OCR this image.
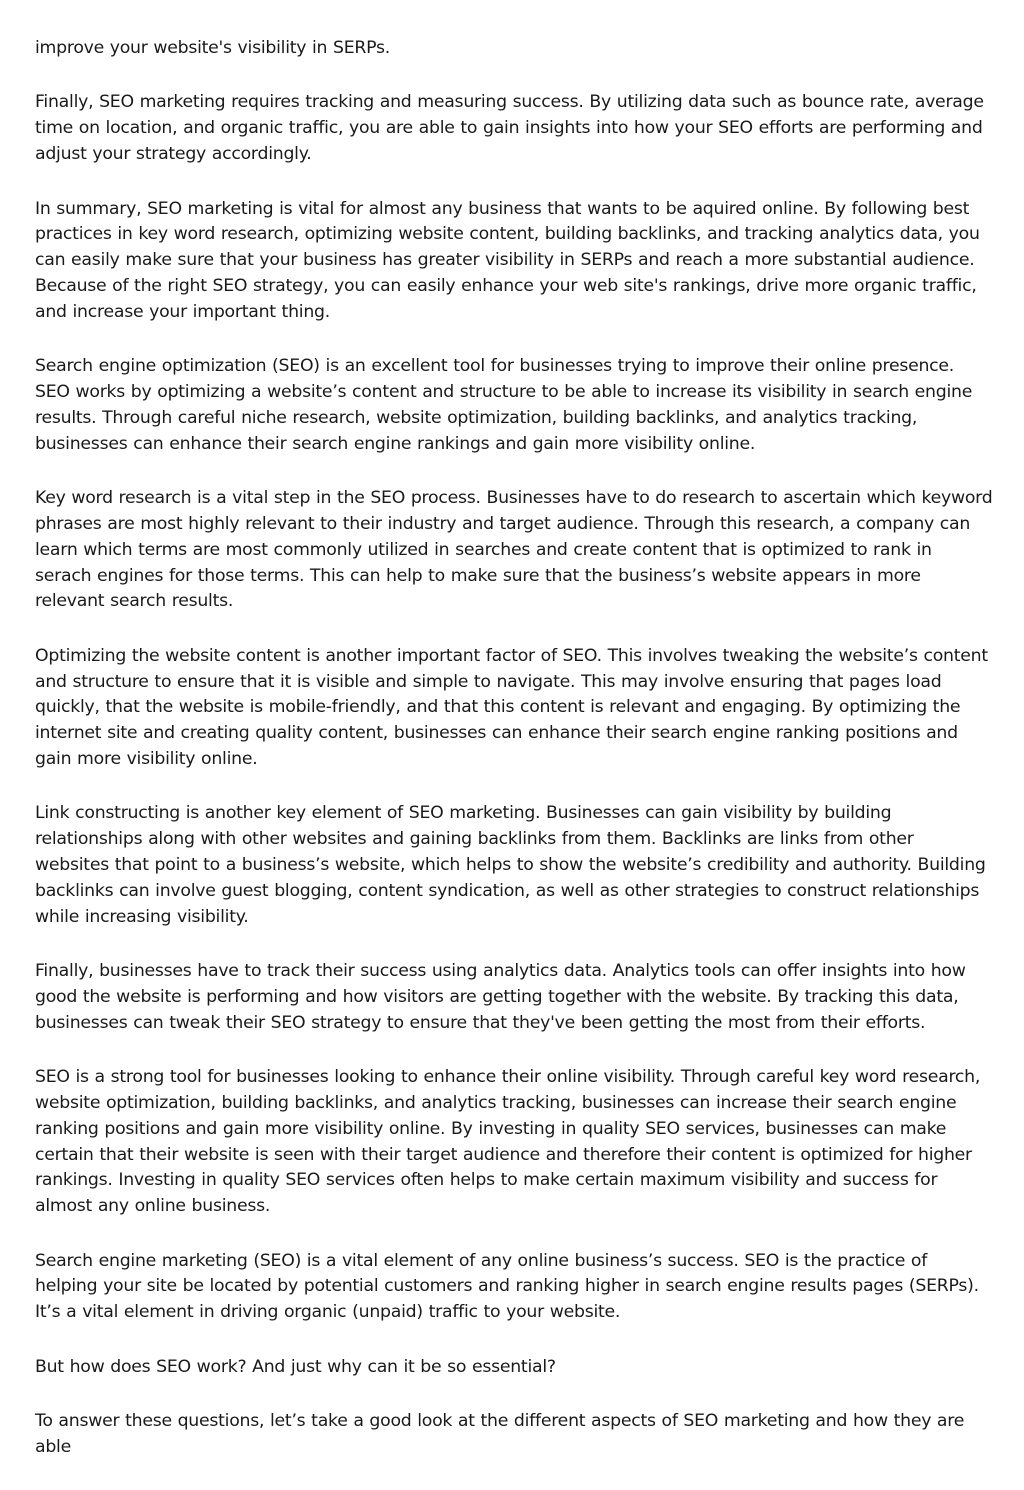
improve your website's visibility in SERPs.

Finally, SEO marketing requires tracking and measuring success. By utilizing data such as bounce rate, average time on location, and organic traffic, you are able to gain insights into how your SEO efforts are performing and adjust your strategy accordingly.

In summary, SEO marketing is vital for almost any business that wants to be aquired online. By following best practices in key word research, optimizing website content, building backlinks, and tracking analytics data, you can easily make sure that your business has greater visibility in SERPs and reach a more substantial audience. Because of the right SEO strategy, you can easily enhance your web site's rankings, drive more organic traffic, and increase your important thing.

Search engine optimization (SEO) is an excellent tool for businesses trying to improve their online presence. SEO works by optimizing a website’s content and structure to be able to increase its visibility in search engine results. Through careful niche research, website optimization, building backlinks, and analytics tracking, businesses can enhance their search engine rankings and gain more visibility online.

Key word research is a vital step in the SEO process. Businesses have to do research to ascertain which keyword phrases are most highly relevant to their industry and target audience. Through this research, a company can learn which terms are most commonly utilized in searches and create content that is optimized to rank in serach engines for those terms. This can help to make sure that the business’s website appears in more relevant search results.

Optimizing the website content is another important factor of SEO. This involves tweaking the website’s content and structure to ensure that it is visible and simple to navigate. This may involve ensuring that pages load quickly, that the website is mobile-friendly, and that this content is relevant and engaging. By optimizing the internet site and creating quality content, businesses can enhance their search engine ranking positions and gain more visibility online.

Link constructing is another key element of SEO marketing. Businesses can gain visibility by building relationships along with other websites and gaining backlinks from them. Backlinks are links from other websites that point to a business’s website, which helps to show the website’s credibility and authority. Building backlinks can involve guest blogging, content syndication, as well as other strategies to construct relationships while increasing visibility.

Finally, businesses have to track their success using analytics data. Analytics tools can offer insights into how good the website is performing and how visitors are getting together with the website. By tracking this data, businesses can tweak their SEO strategy to ensure that they've been getting the most from their efforts.

SEO is a strong tool for businesses looking to enhance their online visibility. Through careful key word research, website optimization, building backlinks, and analytics tracking, businesses can increase their search engine ranking positions and gain more visibility online. By investing in quality SEO services, businesses can make certain that their website is seen with their target audience and therefore their content is optimized for higher rankings. Investing in quality SEO services often helps to make certain maximum visibility and success for almost any online business.

Search engine marketing (SEO) is a vital element of any online business’s success. SEO is the practice of helping your site be located by potential customers and ranking higher in search engine results pages (SERPs). It’s a vital element in driving organic (unpaid) traffic to your website.

But how does SEO work? And just why can it be so essential?

To answer these questions, let’s take a good look at the different aspects of SEO marketing and how they are able
